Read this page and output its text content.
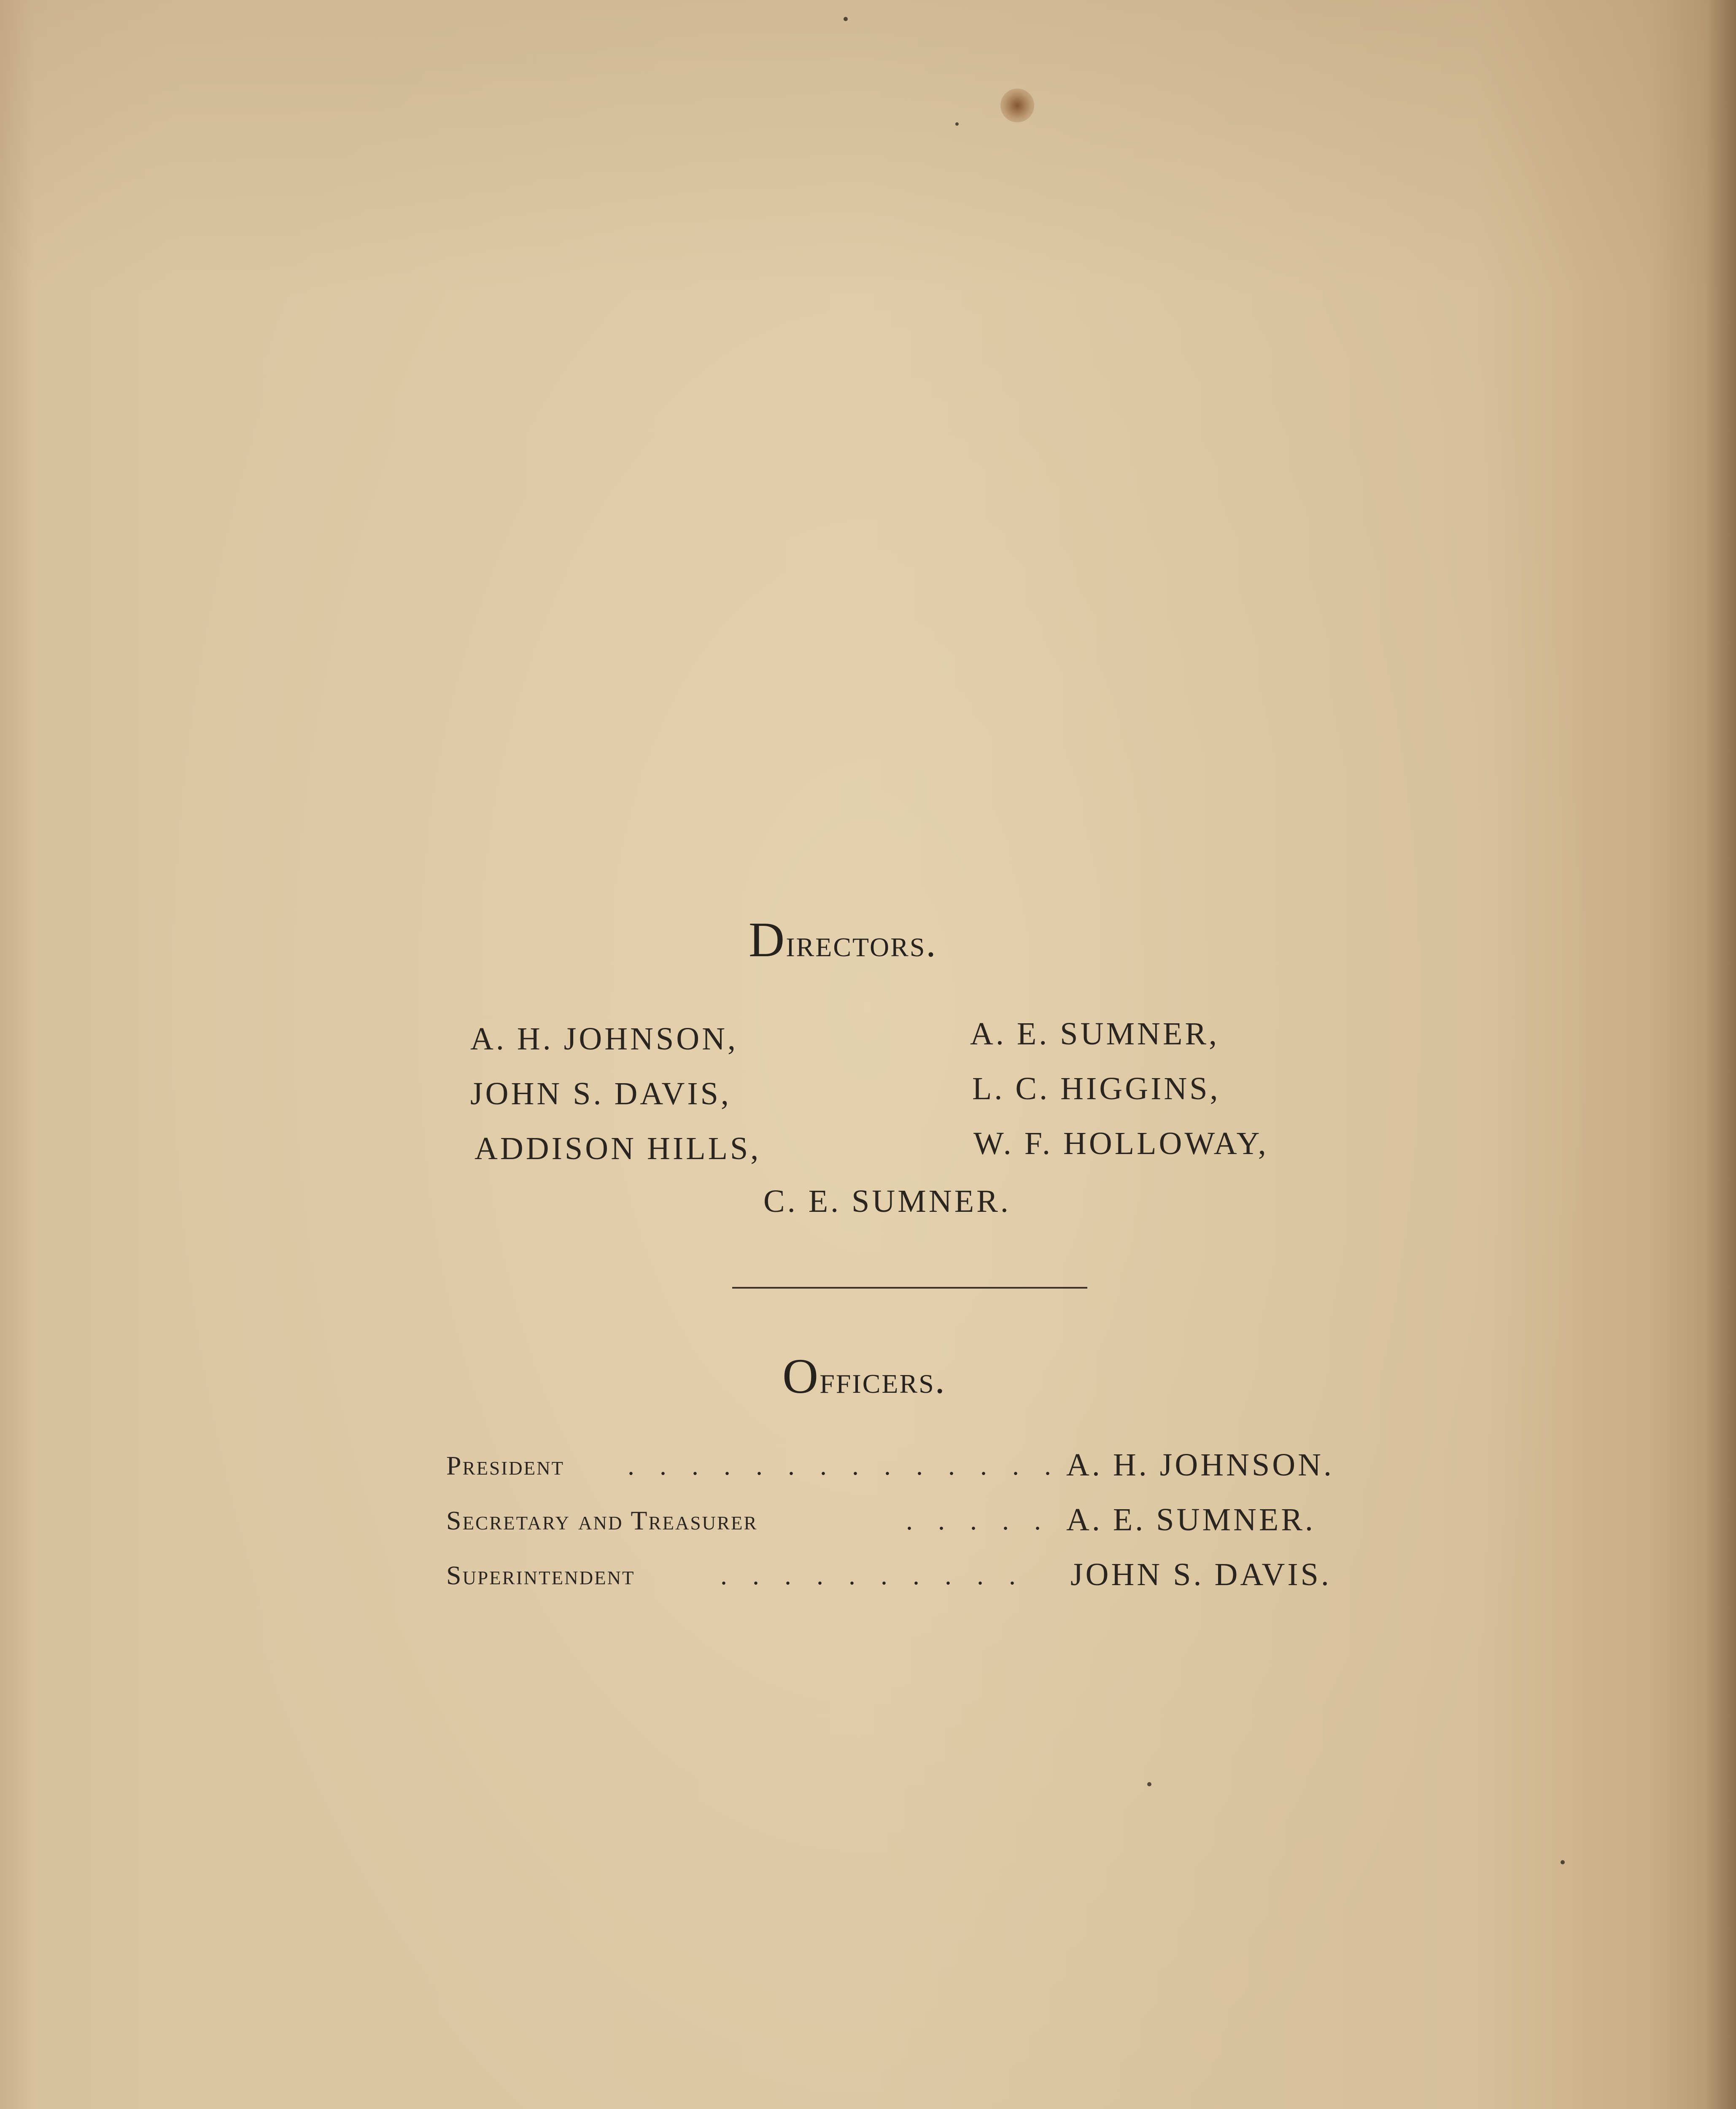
Directors.

A. H. JOHNSON,

JOHN S. DAVIS,

ADDISON HILLS,

A. E. SUMNER,

L. C. HIGGINS,

W. F. HOLLOWAY,

C. E. SUMNER.

Officers.
President . . . . . . . . . . . . . . A. H. JOHNSON.
Secretary and Treasurer	. . . . . A. E. SUMNER.
Superintendent	. . . . . . . . . . JOHN S. DAVIS.
